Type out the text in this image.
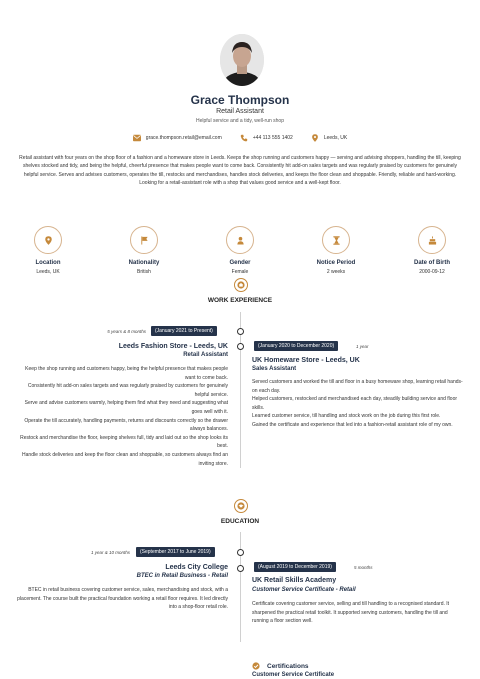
Grace Thompson
Retail Assistant
Helpful service and a tidy, well-run shop
grace.thompson.retail@email.com	+44 113 555 1402	Leeds, UK
Retail assistant with four years on the shop floor of a fashion and a homeware store in Leeds. Keeps the shop running and customers happy — serving and advising shoppers, handling the till, keeping shelves stocked and tidy, and being the helpful, cheerful presence that makes people want to come back. Consistently hit add-on sales targets and was regularly praised by customers for genuinely helpful service. Serves and advises customers, operates the till, restocks and merchandises, handles stock deliveries, and keeps the floor clean and shoppable. Friendly, reliable and hard-working. Looking for a retail-assistant role with a shop that values good service and a well-kept floor.
Location
Leeds, UK
Nationality
British
Gender
Female
Notice Period
2 weeks
Date of Birth
2000-09-12
WORK EXPERIENCE
5 years & 8 months	(January 2021 to Present)
Leeds Fashion Store - Leeds, UK
Retail Assistant

Keep the shop running and customers happy, being the helpful presence that makes people want to come back.

Consistently hit add-on sales targets and was regularly praised by customers for genuinely helpful service.

Serve and advise customers warmly, helping them find what they need and suggesting what goes well with it.

Operate the till accurately, handling payments, returns and discounts correctly so the drawer always balances.

Restock and merchandise the floor, keeping shelves full, tidy and laid out so the shop looks its best.

Handle stock deliveries and keep the floor clean and shoppable, so customers always find an inviting store.

(January 2020 to December 2020)	1 year
UK Homeware Store - Leeds, UK
Sales Assistant

Served customers and worked the till and floor in a busy homeware shop, learning retail hands-on each day.

Helped customers, restocked and merchandised each day, steadily building service and floor skills.

Learned customer service, till handling and stock work on the job during this first role.

Gained the certificate and experience that led into a fashion-retail assistant role of my own.

EDUCATION
1 year & 10 months	(September 2017 to June 2019)
Leeds City College
BTEC in Retail Business - Retail
BTEC in retail business covering customer service, sales, merchandising and stock, with a placement. The course built the practical foundation working a retail floor requires. It led directly into a shop-floor retail role.
(August 2019 to December 2019)	5 months
UK Retail Skills Academy
Customer Service Certificate - Retail
Certificate covering customer service, selling and till handling to a recognised standard. It sharpened the practical retail toolkit. It supported serving customers, handling the till and running a floor section well.
Certifications
Customer Service Certificate
